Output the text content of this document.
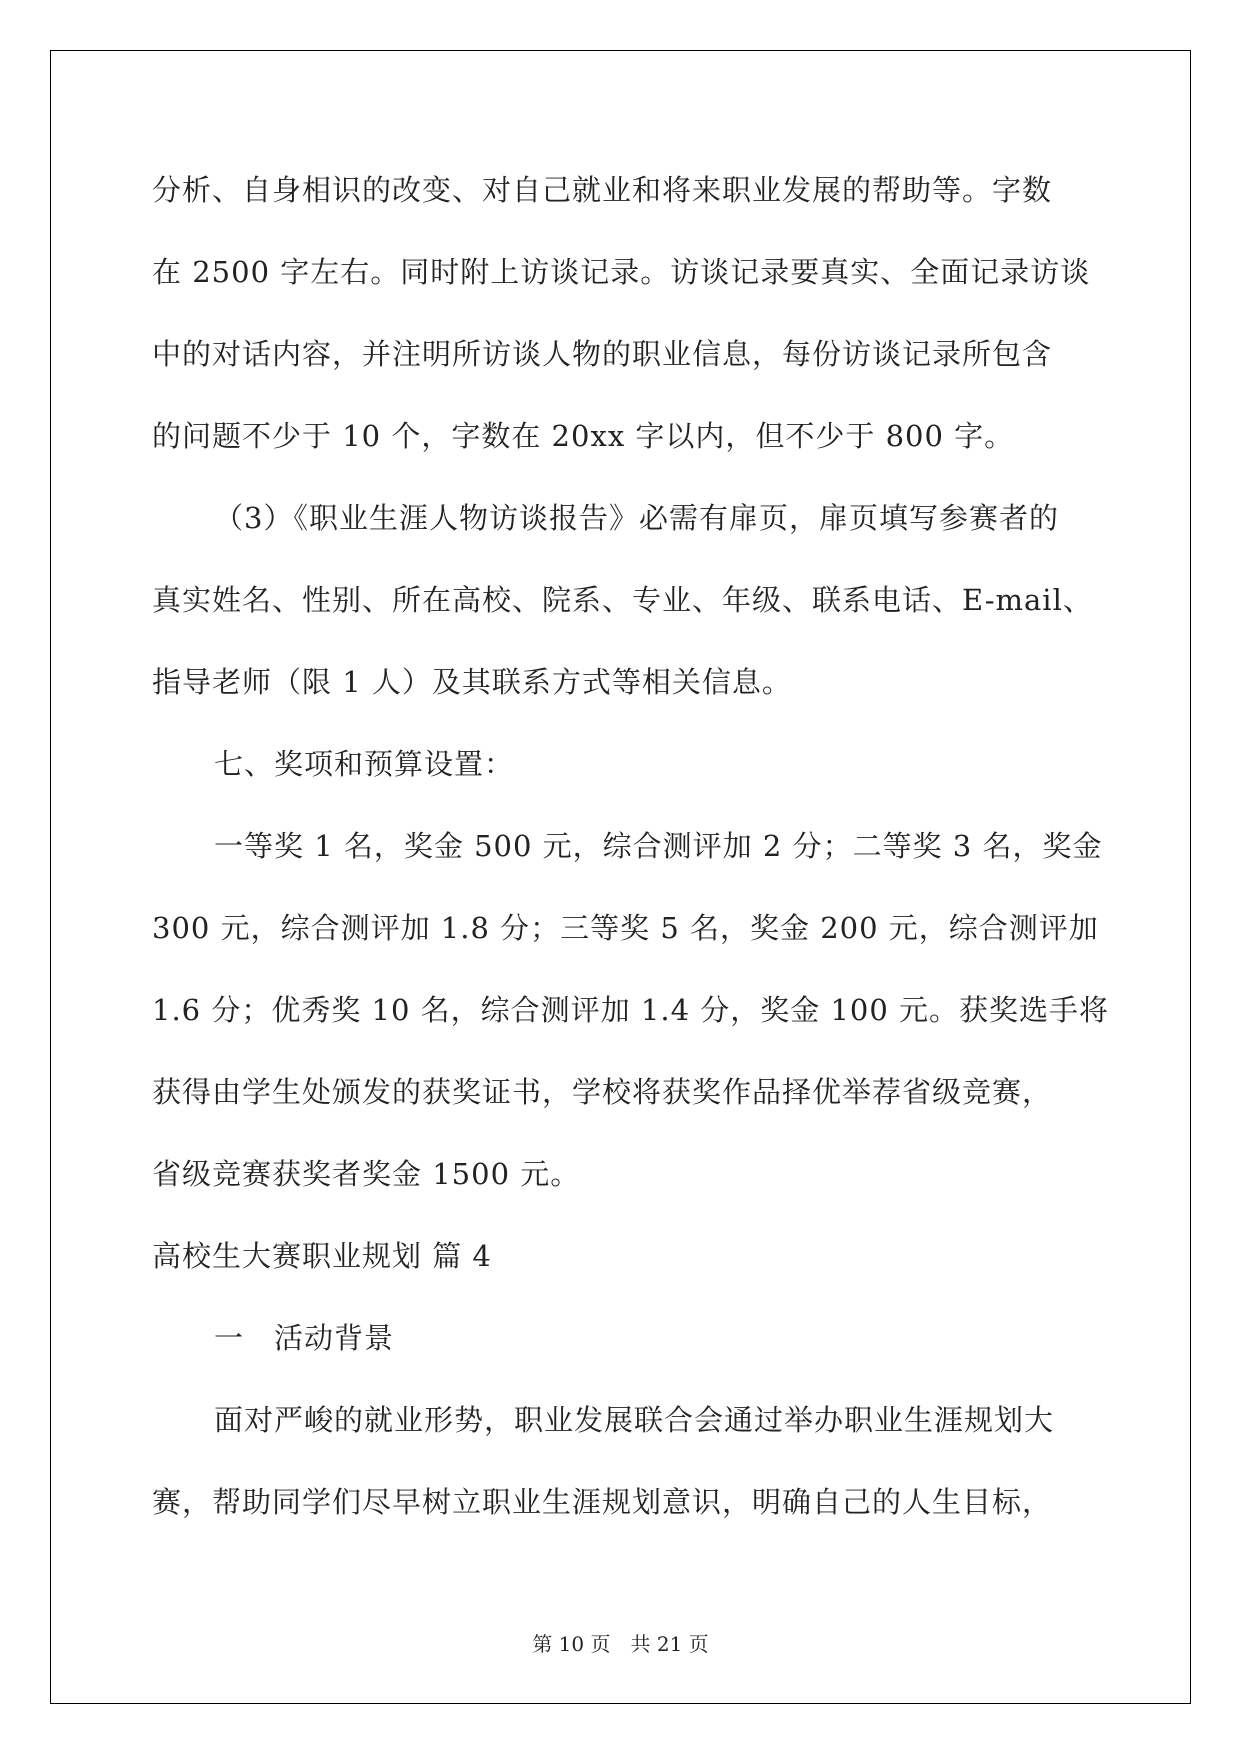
分析、自身相识的改变、对自己就业和将来职业发展的帮助等。字数
在 2500 字左右。同时附上访谈记录。访谈记录要真实、全面记录访谈
中的对话内容，并注明所访谈人物的职业信息，每份访谈记录所包含
的问题不少于 10 个，字数在 20xx 字以内，但不少于 800 字。
（3）《职业生涯人物访谈报告》必需有扉页，扉页填写参赛者的
真实姓名、性别、所在高校、院系、专业、年级、联系电话、E-mail、
指导老师（限 1 人）及其联系方式等相关信息。
七、奖项和预算设置：
一等奖 1 名，奖金 500 元，综合测评加 2 分；二等奖 3 名，奖金
300 元，综合测评加 1.8 分；三等奖 5 名，奖金 200 元，综合测评加
1.6 分；优秀奖 10 名，综合测评加 1.4 分，奖金 100 元。获奖选手将
获得由学生处颁发的获奖证书，学校将获奖作品择优举荐省级竞赛，
省级竞赛获奖者奖金 1500 元。
高校生大赛职业规划 篇 4
一　活动背景
面对严峻的就业形势，职业发展联合会通过举办职业生涯规划大
赛，帮助同学们尽早树立职业生涯规划意识，明确自己的人生目标，
第 10 页　共 21 页
